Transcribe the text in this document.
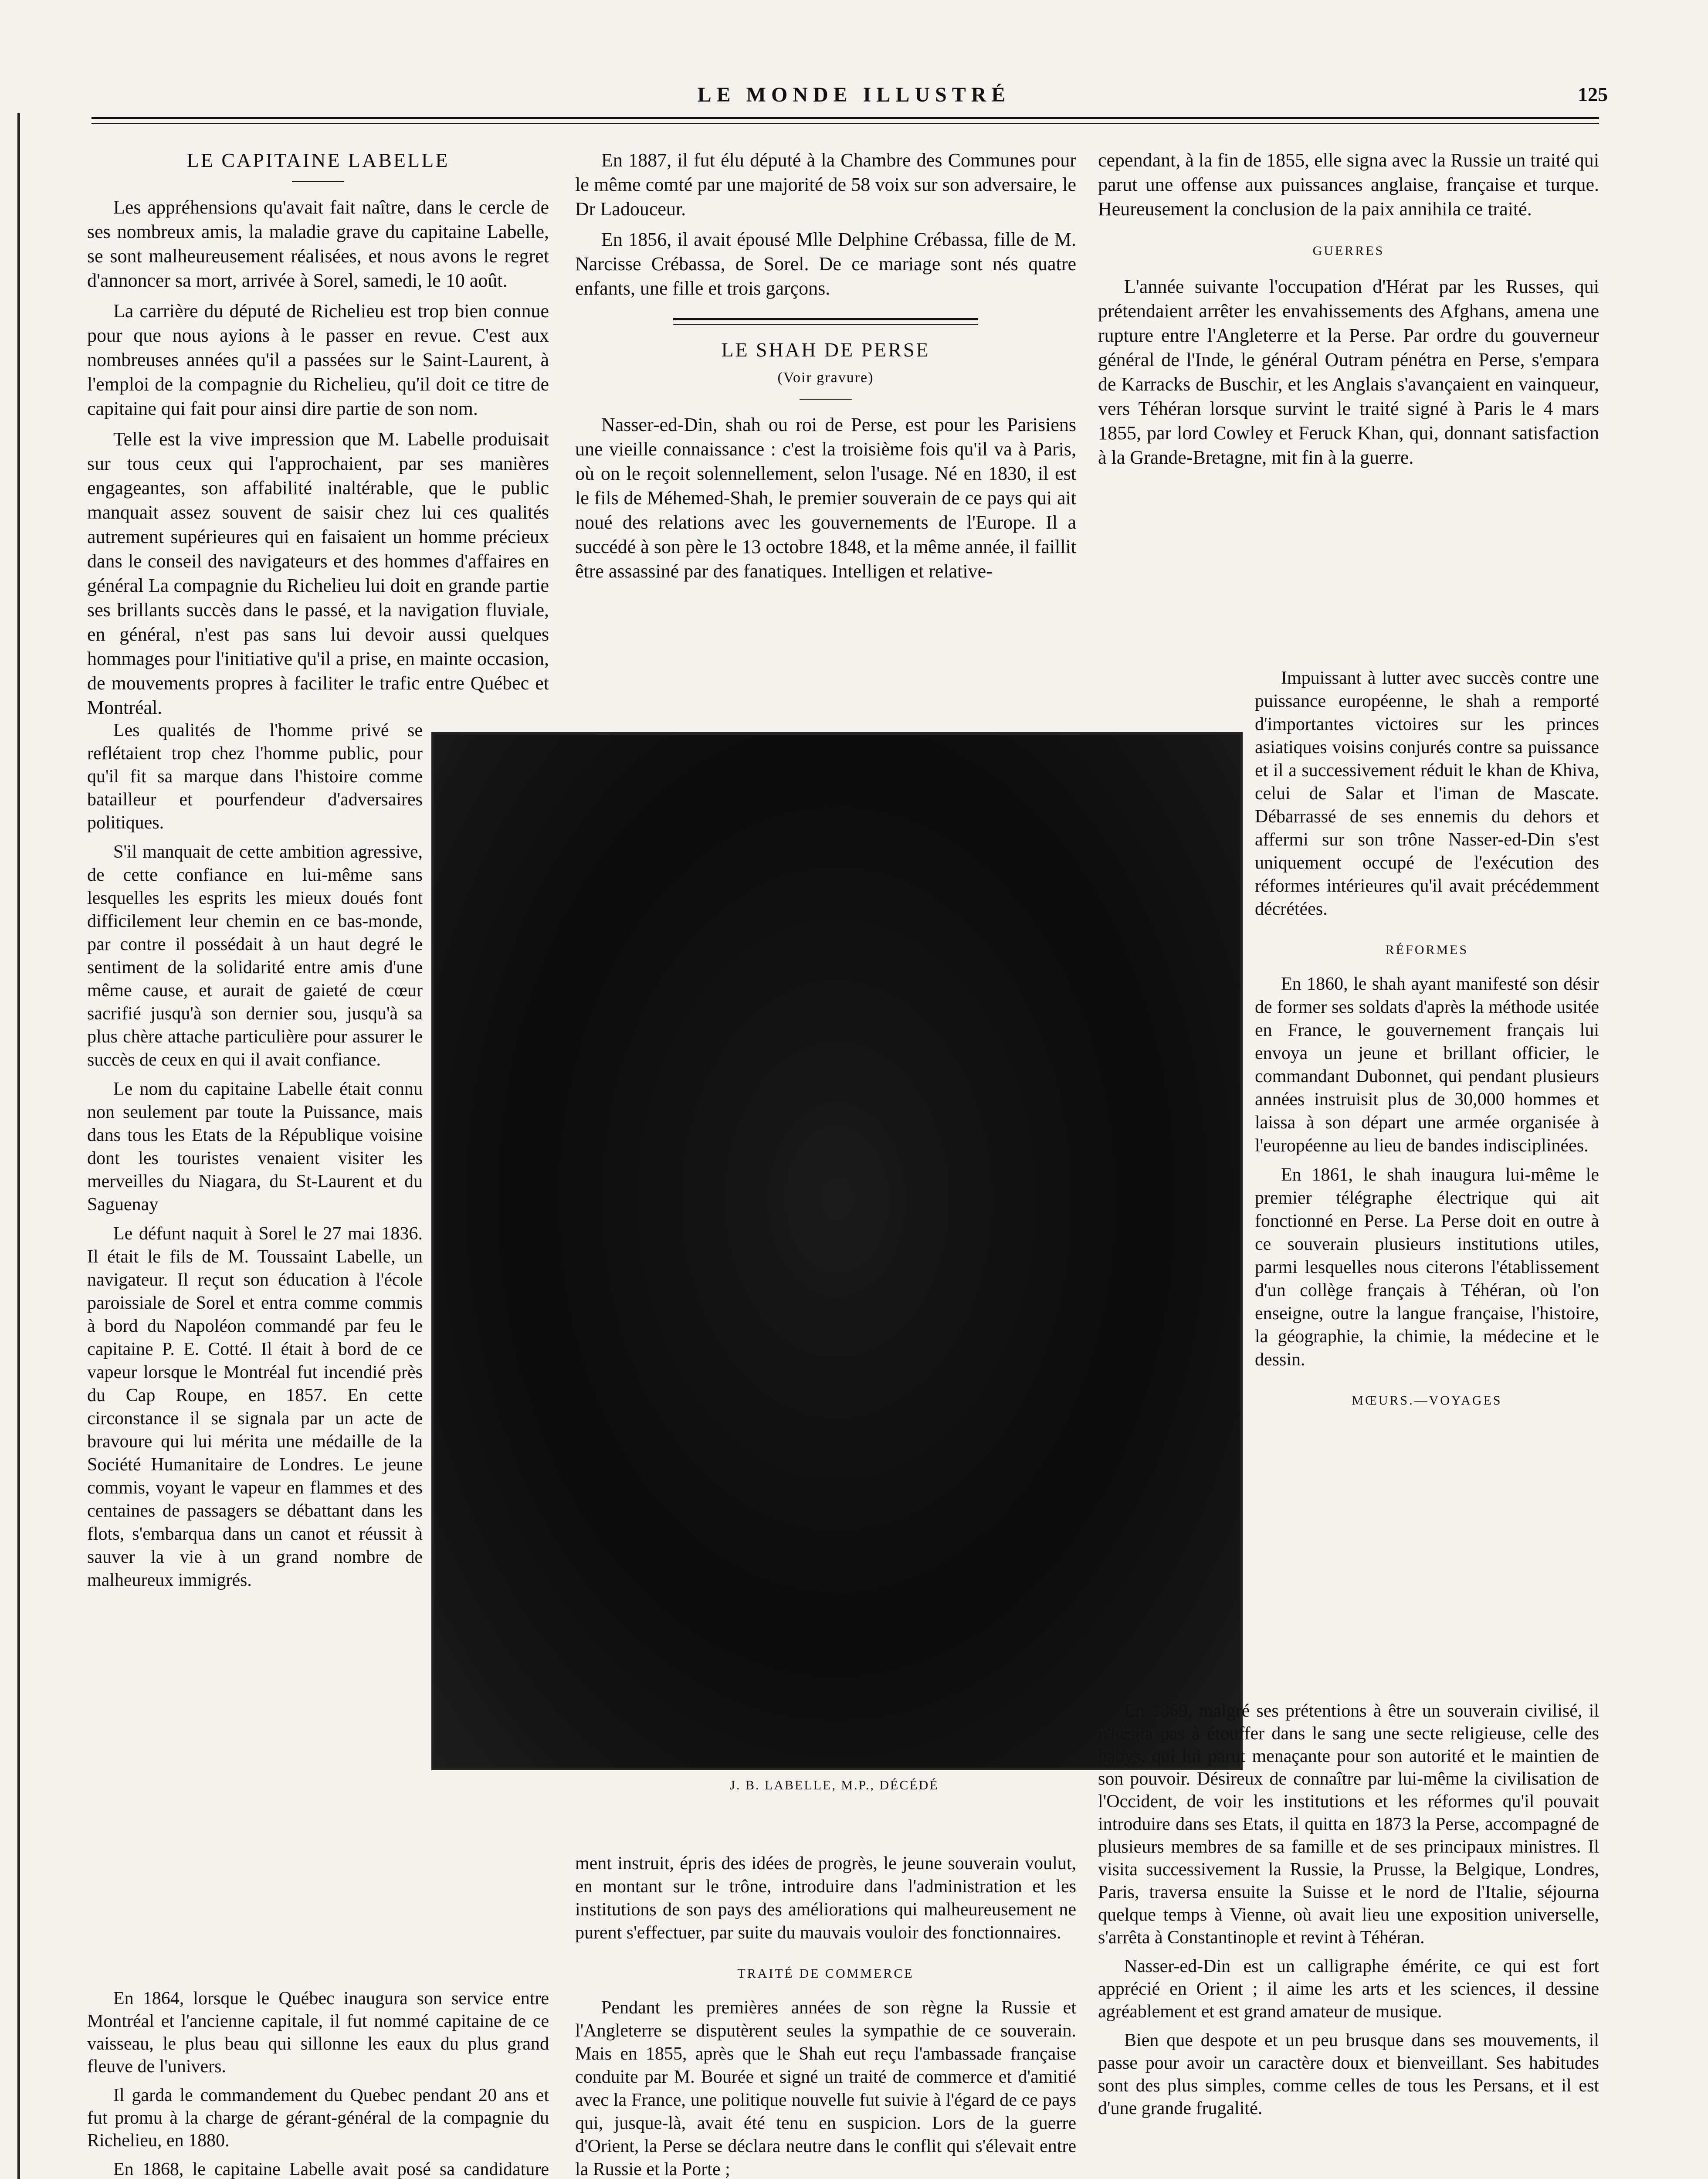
LE MONDE ILLUSTRÉ	125
LE CAPITAINE LABELLE

Les appréhensions qu'avait fait naître, dans le cercle de ses nombreux amis, la maladie grave du capitaine Labelle, se sont malheureusement réalisées, et nous avons le regret d'annoncer sa mort, arrivée à Sorel, samedi, le 10 août.

La carrière du député de Richelieu est trop bien connue pour que nous ayions à le passer en revue. C'est aux nombreuses années qu'il a passées sur le Saint-Laurent, à l'emploi de la compagnie du Richelieu, qu'il doit ce titre de capitaine qui fait pour ainsi dire partie de son nom.

Telle est la vive impression que M. Labelle produisait sur tous ceux qui l'approchaient, par ses manières engageantes, son affabilité inaltérable, que le public manquait assez souvent de saisir chez lui ces qualités autrement supérieures qui en faisaient un homme précieux dans le conseil des navigateurs et des hommes d'affaires en général La compagnie du Richelieu lui doit en grande partie ses brillants succès dans le passé, et la navigation fluviale, en général, n'est pas sans lui devoir aussi quelques hommages pour l'initiative qu'il a prise, en mainte occasion, de mouvements propres à faciliter le trafic entre Québec et Montréal.

Les qualités de l'homme privé se reflétaient trop chez l'homme public, pour qu'il fit sa marque dans l'histoire comme batailleur et pourfendeur d'adversaires politiques.

S'il manquait de cette ambition agressive, de cette confiance en lui-même sans lesquelles les esprits les mieux doués font difficilement leur chemin en ce bas-monde, par contre il possédait à un haut degré le sentiment de la solidarité entre amis d'une même cause, et aurait de gaieté de cœur sacrifié jusqu'à son dernier sou, jusqu'à sa plus chère attache particulière pour assurer le succès de ceux en qui il avait confiance.

Le nom du capitaine Labelle était connu non seulement par toute la Puissance, mais dans tous les Etats de la République voisine dont les touristes venaient visiter les merveilles du Niagara, du St-Laurent et du Saguenay

Le défunt naquit à Sorel le 27 mai 1836. Il était le fils de M. Toussaint Labelle, un navigateur. Il reçut son éducation à l'école paroissiale de Sorel et entra comme commis à bord du Napoléon commandé par feu le capitaine P. E. Cotté. Il était à bord de ce vapeur lorsque le Montréal fut incendié près du Cap Roupe, en 1857. En cette circonstance il se signala par un acte de bravoure qui lui mérita une médaille de la Société Humanitaire de Londres. Le jeune commis, voyant le vapeur en flammes et des centaines de passagers se débattant dans les flots, s'embarqua dans un canot et réussit à sauver la vie à un grand nombre de malheureux immigrés.

En 1864, lorsque le Québec inaugura son service entre Montréal et l'ancienne capitale, il fut nommé capitaine de ce vaisseau, le plus beau qui sillonne les eaux du plus grand fleuve de l'univers.

Il garda le commandement du Quebec pendant 20 ans et fut promu à la charge de gérant-général de la compagnie du Richelieu, en 1880.

En 1868, le capitaine Labelle avait posé sa candidature

En 1887, il fut élu député à la Chambre des Communes pour le même comté par une majorité de 58 voix sur son adversaire, le Dr Ladouceur.

En 1856, il avait épousé Mlle Delphine Crébassa, fille de M. Narcisse Crébassa, de Sorel. De ce mariage sont nés quatre enfants, une fille et trois garçons.

LE SHAH DE PERSE

(Voir gravure)

Nasser-ed-Din, shah ou roi de Perse, est pour les Parisiens une vieille connaissance : c'est la troisième fois qu'il va à Paris, où on le reçoit solennellement, selon l'usage. Né en 1830, il est le fils de Méhemed-Shah, le premier souverain de ce pays qui ait noué des relations avec les gouvernements de l'Europe. Il a succédé à son père le 13 octobre 1848, et la même année, il faillit être assassiné par des fanatiques. Intelligen et relative-

J. B. LABELLE, M.P., DÉCÉDÉ

ment instruit, épris des idées de progrès, le jeune souverain voulut, en montant sur le trône, introduire dans l'administration et les institutions de son pays des améliorations qui malheureusement ne purent s'effectuer, par suite du mauvais vouloir des fonctionnaires.

TRAITÉ DE COMMERCE

Pendant les premières années de son règne la Russie et l'Angleterre se disputèrent seules la sympathie de ce souverain. Mais en 1855, après que le Shah eut reçu l'ambassade française conduite par M. Bourée et signé un traité de commerce et d'amitié avec la France, une politique nouvelle fut suivie à l'égard de ce pays qui, jusque-là, avait été tenu en suspicion. Lors de la guerre d'Orient, la Perse se déclara neutre dans le conflit qui s'élevait entre la Russie et la Porte ;

cependant, à la fin de 1855, elle signa avec la Russie un traité qui parut une offense aux puissances anglaise, française et turque. Heureusement la conclusion de la paix annihila ce traité.

GUERRES

L'année suivante l'occupation d'Hérat par les Russes, qui prétendaient arrêter les envahissements des Afghans, amena une rupture entre l'Angleterre et la Perse. Par ordre du gouverneur général de l'Inde, le général Outram pénétra en Perse, s'empara de Karracks de Buschir, et les Anglais s'avançaient en vainqueur, vers Téhéran lorsque survint le traité signé à Paris le 4 mars 1855, par lord Cowley et Feruck Khan, qui, donnant satisfaction à la Grande-Bretagne, mit fin à la guerre.

Impuissant à lutter avec succès contre une puissance européenne, le shah a remporté d'importantes victoires sur les princes asiatiques voisins conjurés contre sa puissance et il a successivement réduit le khan de Khiva, celui de Salar et l'iman de Mascate. Débarrassé de ses ennemis du dehors et affermi sur son trône Nasser-ed-Din s'est uniquement occupé de l'exécution des réformes intérieures qu'il avait précédemment décrétées.

RÉFORMES

En 1860, le shah ayant manifesté son désir de former ses soldats d'après la méthode usitée en France, le gouvernement français lui envoya un jeune et brillant officier, le commandant Dubonnet, qui pendant plusieurs années instruisit plus de 30,000 hommes et laissa à son départ une armée organisée à l'européenne au lieu de bandes indisciplinées.

En 1861, le shah inaugura lui-même le premier télégraphe électrique qui ait fonctionné en Perse. La Perse doit en outre à ce souverain plusieurs institutions utiles, parmi lesquelles nous citerons l'établissement d'un collège français à Téhéran, où l'on enseigne, outre la langue française, l'histoire, la géographie, la chimie, la médecine et le dessin.

MŒURS.—VOYAGES

En 1869, malgré ses prétentions à être un souverain civilisé, il n'hésita pas à étouffer dans le sang une secte religieuse, celle des babys, qui lui parut menaçante pour son autorité et le maintien de son pouvoir. Désireux de connaître par lui-même la civilisation de l'Occident, de voir les institutions et les réformes qu'il pouvait introduire dans ses Etats, il quitta en 1873 la Perse, accompagné de plusieurs membres de sa famille et de ses principaux ministres. Il visita successivement la Russie, la Prusse, la Belgique, Londres, Paris, traversa ensuite la Suisse et le nord de l'Italie, séjourna quelque temps à Vienne, où avait lieu une exposition universelle, s'arrêta à Constantinople et revint à Téhéran.

Nasser-ed-Din est un calligraphe émérite, ce qui est fort apprécié en Orient ; il aime les arts et les sciences, il dessine agréablement et est grand amateur de musique.

Bien que despote et un peu brusque dans ses mouvements, il passe pour avoir un caractère doux et bienveillant. Ses habitudes sont des plus simples, comme celles de tous les Persans, et il est d'une grande frugalité.
